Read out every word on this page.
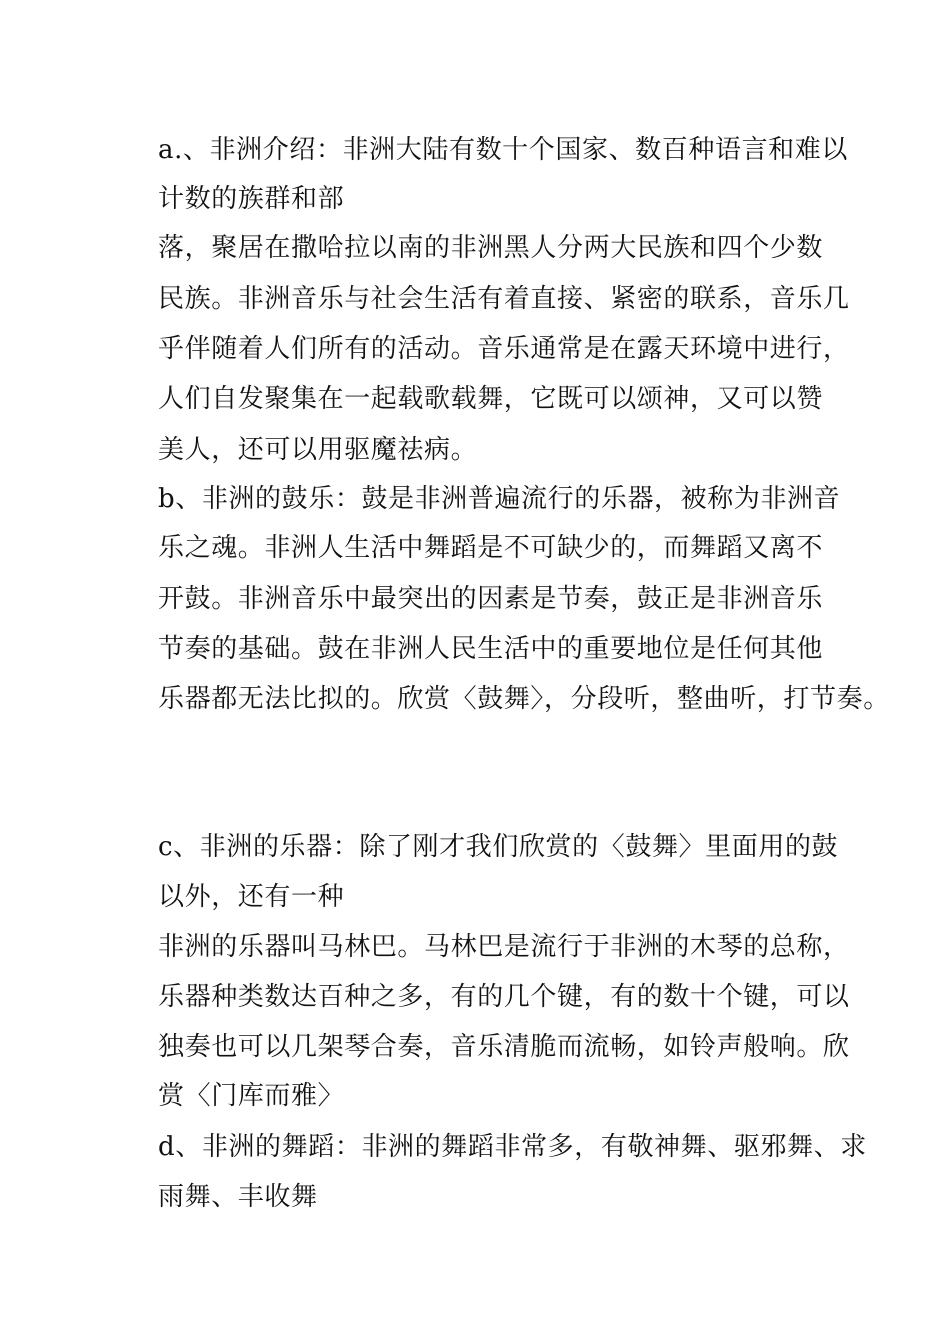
a.、非洲介绍：非洲大陆有数十个国家、数百种语言和难以
计数的族群和部
落，聚居在撒哈拉以南的非洲黑人分两大民族和四个少数
民族。非洲音乐与社会生活有着直接、紧密的联系，音乐几
乎伴随着人们所有的活动。音乐通常是在露天环境中进行，
人们自发聚集在一起载歌载舞，它既可以颂神，又可以赞
美人，还可以用驱魔祛病。
b、非洲的鼓乐：鼓是非洲普遍流行的乐器，被称为非洲音
乐之魂。非洲人生活中舞蹈是不可缺少的，而舞蹈又离不
开鼓。非洲音乐中最突出的因素是节奏，鼓正是非洲音乐
节奏的基础。鼓在非洲人民生活中的重要地位是任何其他
乐器都无法比拟的。欣赏〈鼓舞〉，分段听，整曲听，打节奏。
c、非洲的乐器：除了刚才我们欣赏的〈鼓舞〉里面用的鼓
以外，还有一种
非洲的乐器叫马林巴。马林巴是流行于非洲的木琴的总称，
乐器种类数达百种之多，有的几个键，有的数十个键，可以
独奏也可以几架琴合奏，音乐清脆而流畅，如铃声般响。欣
赏〈门库而雅〉
d、非洲的舞蹈：非洲的舞蹈非常多，有敬神舞、驱邪舞、求
雨舞、丰收舞
